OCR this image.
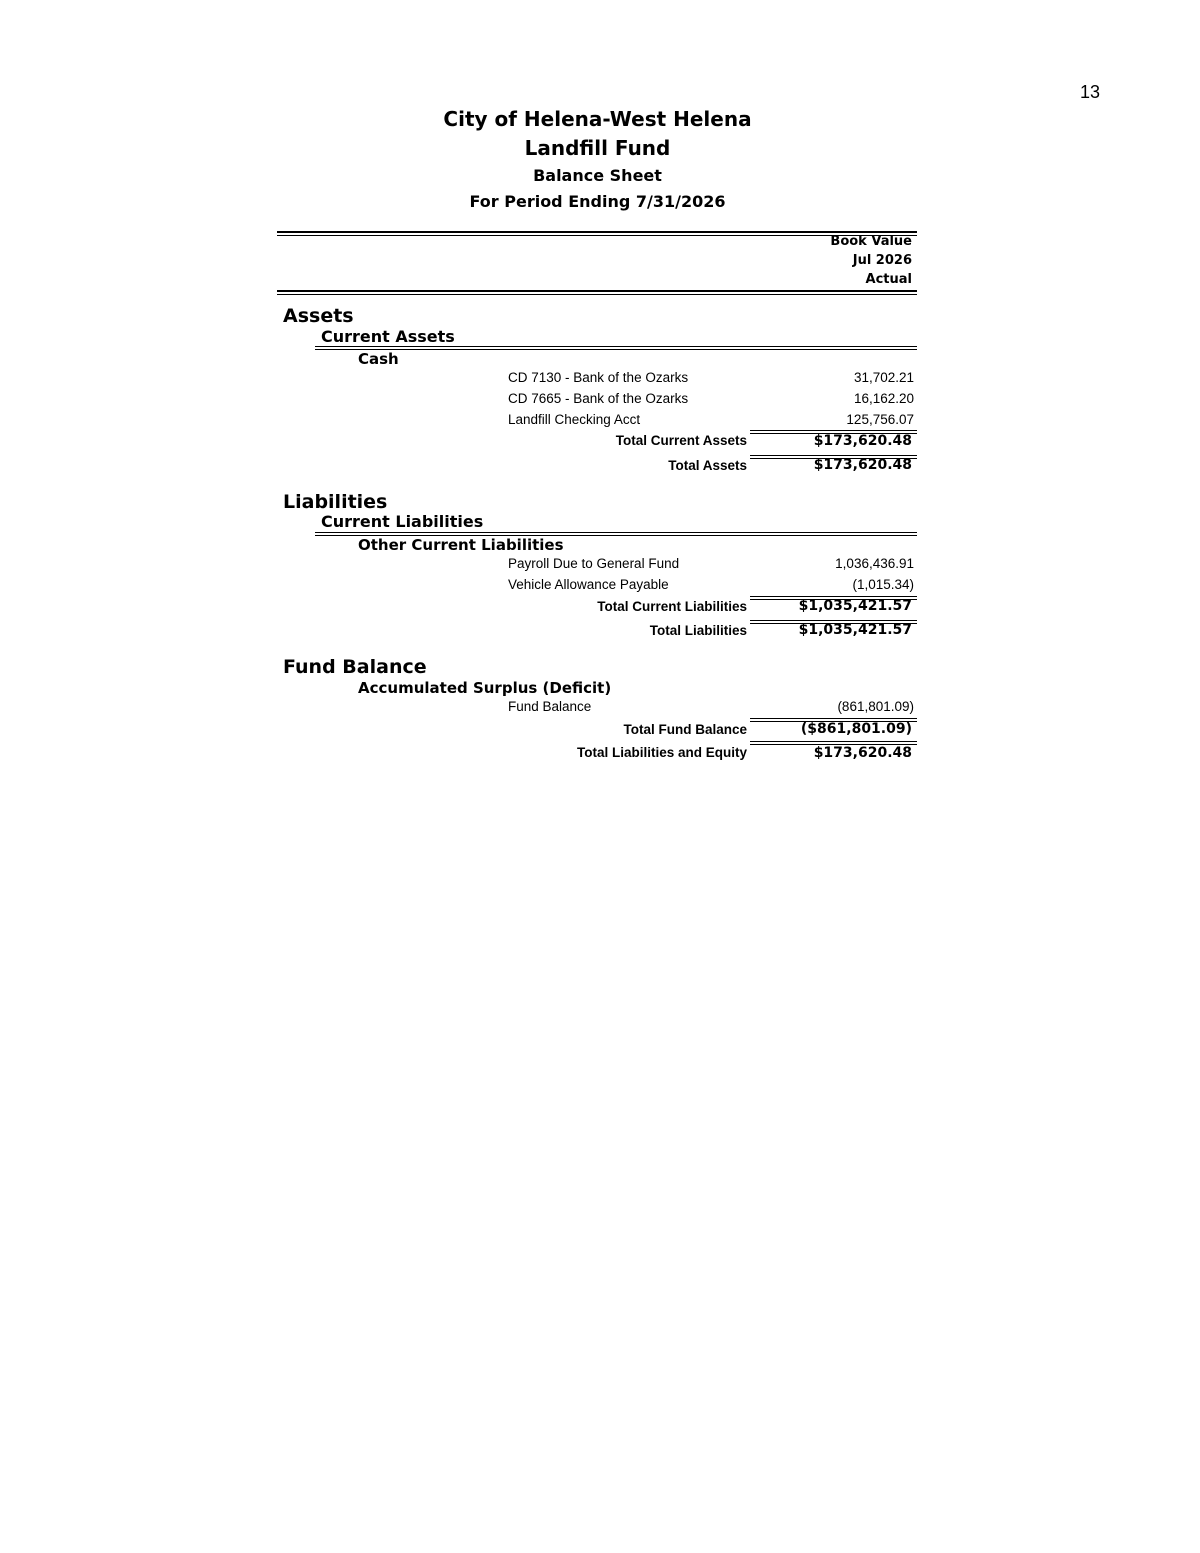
13
City of Helena-West Helena
Landfill Fund
Balance Sheet
For Period Ending 7/31/2026
Book Value
Jul 2026
Actual
Assets
Current Assets
Cash
CD 7130 - Bank of the Ozarks	31,702.21
CD 7665 - Bank of the Ozarks	16,162.20
Landfill Checking Acct	125,756.07
Total Current Assets	$173,620.48
Total Assets	$173,620.48
Liabilities
Current Liabilities
Other Current Liabilities
Payroll Due to General Fund	1,036,436.91
Vehicle Allowance Payable	(1,015.34)
Total Current Liabilities	$1,035,421.57
Total Liabilities	$1,035,421.57
Fund Balance
Accumulated Surplus (Deficit)
Fund Balance	(861,801.09)
Total Fund Balance	($861,801.09)
Total Liabilities and Equity	$173,620.48
